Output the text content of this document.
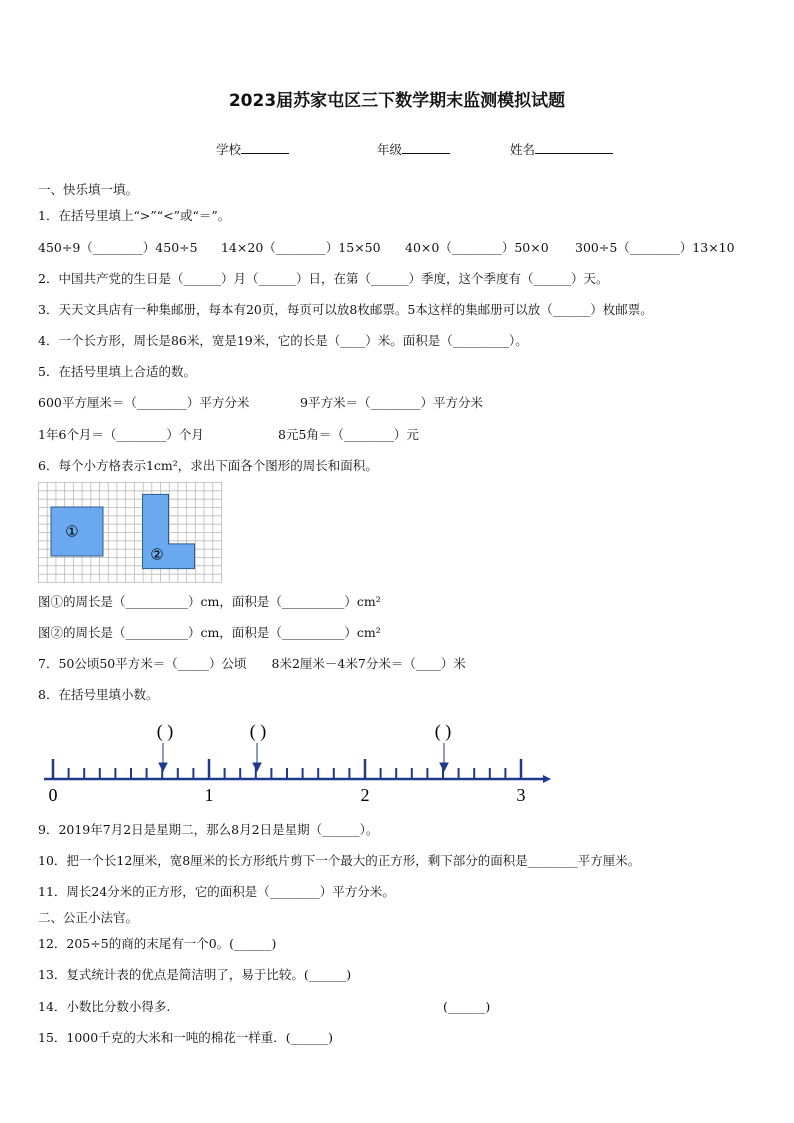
2023届苏家屯区三下数学期末监测模拟试题
学校	年级	姓名
一、快乐填一填。
1．在括号里填上“>”“<”或“＝”。
450÷9（________）450÷5 14×20（________）15×50 40×0（________）50×0 300÷5（________）13×10
2．中国共产党的生日是（______）月（______）日，在第（______）季度，这个季度有（______）天。
3．天天文具店有一种集邮册，每本有20页，每页可以放8枚邮票。5本这样的集邮册可以放（______）枚邮票。
4．一个长方形，周长是86米，宽是19米，它的长是（____）米。面积是（_________）。
5．在括号里填上合适的数。
600平方厘米＝（________）平方分米	9平方米＝（________）平方分米
1年6个月＝（________）个月	8元5角＝（________）元
6．每个小方格表示1cm²，求出下面各个图形的周长和面积。
①
②
图①的周长是（__________）cm，面积是（__________）cm²
图②的周长是（__________）cm，面积是（__________）cm²
7．50公顷50平方米＝（_____）公顷　　8米2厘米－4米7分米＝（____）米
8．在括号里填小数。
0	1	2	3
( )	( )	( )
9．2019年7月2日是星期二，那么8月2日是星期（______）。
10．把一个长12厘米，宽8厘米的长方形纸片剪下一个最大的正方形，剩下部分的面积是________平方厘米。
11．周长24分米的正方形，它的面积是（________）平方分米。
二、公正小法官。
12．205÷5的商的末尾有一个0。(______)
13．复式统计表的优点是简洁明了，易于比较。(______)
14．小数比分数小得多.	(______)
15．1000千克的大米和一吨的棉花一样重．(______)
